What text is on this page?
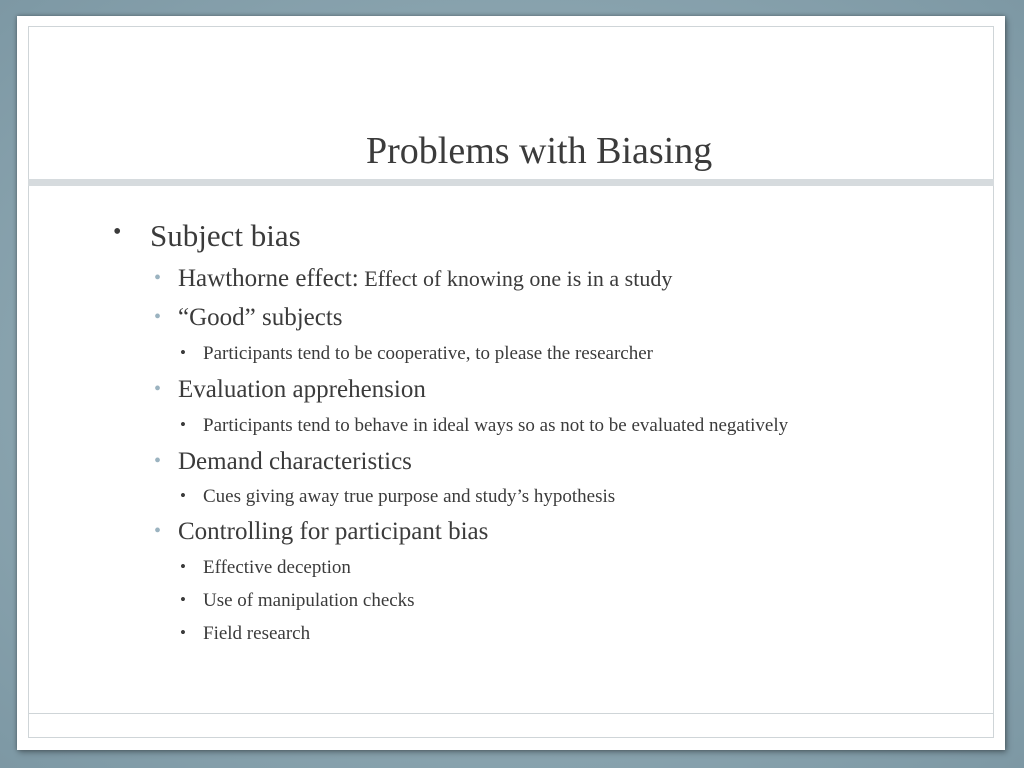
Problems with Biasing
• Subject bias
• Hawthorne effect: Effect of knowing one is in a study
• “Good” subjects
• Participants tend to be cooperative, to please the researcher
• Evaluation apprehension
• Participants tend to behave in ideal ways so as not to be evaluated negatively
• Demand characteristics
• Cues giving away true purpose and study’s hypothesis
• Controlling for participant bias
• Effective deception
• Use of manipulation checks
• Field research
